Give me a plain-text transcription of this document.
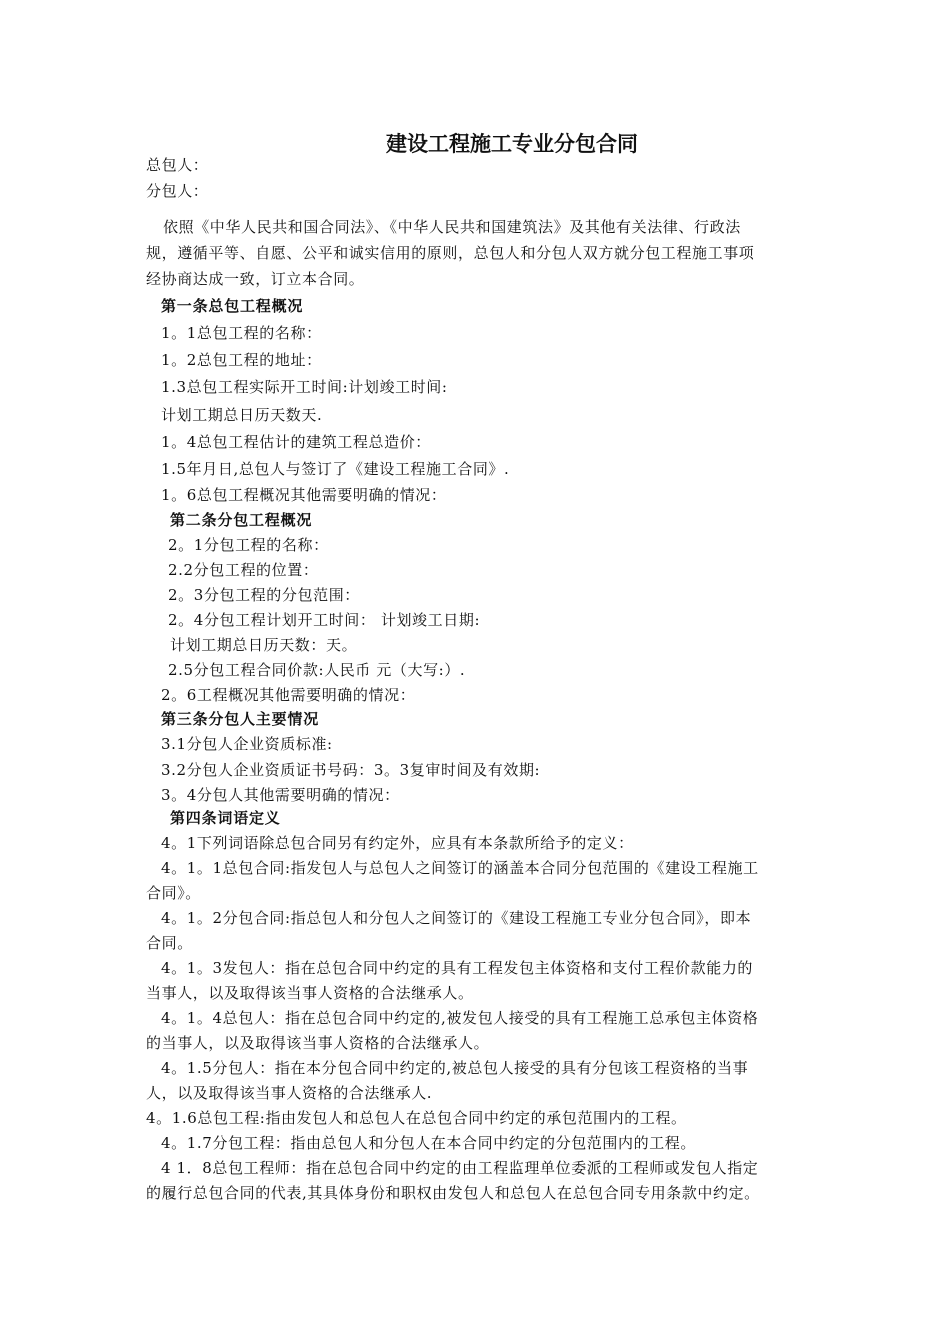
建设工程施工专业分包合同
总包人：
分包人：
依照《中华人民共和国合同法》、《中华人民共和国建筑法》及其他有关法律、行政法
规，遵循平等、自愿、公平和诚实信用的原则，总包人和分包人双方就分包工程施工事项
经协商达成一致，订立本合同。
第一条总包工程概况
1。1总包工程的名称：
1。2总包工程的地址：
1.3总包工程实际开工时间:计划竣工时间:
计划工期总日历天数天.
1。4总包工程估计的建筑工程总造价：
1.5年月日,总包人与签订了《建设工程施工合同》.
1。6总包工程概况其他需要明确的情况：
第二条分包工程概况
2。1分包工程的名称：
2.2分包工程的位置：
2。3分包工程的分包范围：
2。4分包工程计划开工时间： 计划竣工日期:
计划工期总日历天数：天。
2.5分包工程合同价款:人民币 元（大写:）.
2。6工程概况其他需要明确的情况：
第三条分包人主要情况
3.1分包人企业资质标准:
3.2分包人企业资质证书号码：3。3复审时间及有效期:
3。4分包人其他需要明确的情况：
第四条词语定义
4。1下列词语除总包合同另有约定外，应具有本条款所给予的定义：
4。1。1总包合同:指发包人与总包人之间签订的涵盖本合同分包范围的《建设工程施工
合同》。
4。1。2分包合同:指总包人和分包人之间签订的《建设工程施工专业分包合同》，即本
合同。
4。1。3发包人：指在总包合同中约定的具有工程发包主体资格和支付工程价款能力的
当事人，以及取得该当事人资格的合法继承人。
4。1。4总包人：指在总包合同中约定的,被发包人接受的具有工程施工总承包主体资格
的当事人，以及取得该当事人资格的合法继承人。
4。1.5分包人：指在本分包合同中约定的,被总包人接受的具有分包该工程资格的当事
人，以及取得该当事人资格的合法继承人.
4。1.6总包工程:指由发包人和总包人在总包合同中约定的承包范围内的工程。
4。1.7分包工程：指由总包人和分包人在本合同中约定的分包范围内的工程。
4 1．8总包工程师：指在总包合同中约定的由工程监理单位委派的工程师或发包人指定
的履行总包合同的代表,其具体身份和职权由发包人和总包人在总包合同专用条款中约定。
